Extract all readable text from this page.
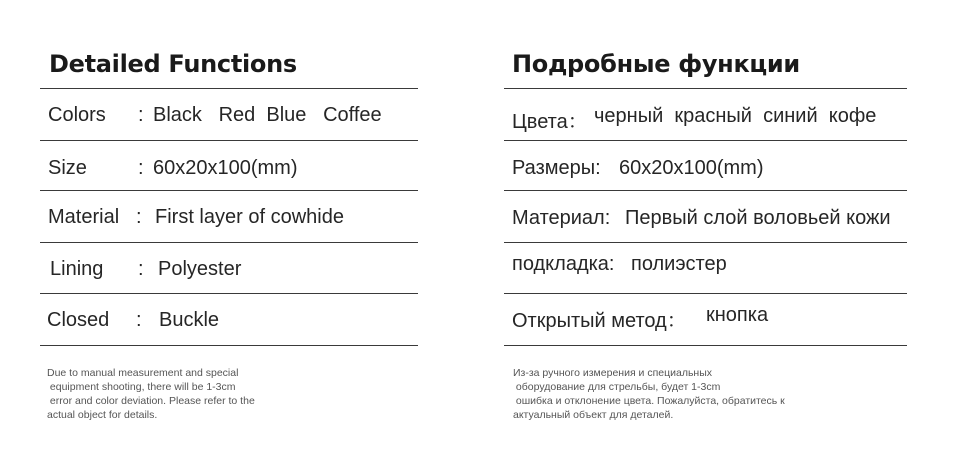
Detailed Functions
Colors : Black   Red  Blue   Coffee
Size	: 60x20x100(mm)
Material : First layer of cowhide
Lining : Polyester
Closed : Buckle
Due to manual measurement and special
equipment shooting, there will be 1-3cm
error and color deviation. Please refer to the
actual object for details.
Подробные функции
Цвета： черный  красный  синий  кофе
Размеры: 60x20x100(mm)
Материал: Первый слой воловьей кожи
подкладка: полиэстер
Открытый метод： кнопка
Из-за ручного измерения и специальных
оборудование для стрельбы, будет 1-3cm
ошибка и отклонение цвета. Пожалуйста, обратитесь к
актуальный объект для деталей.
